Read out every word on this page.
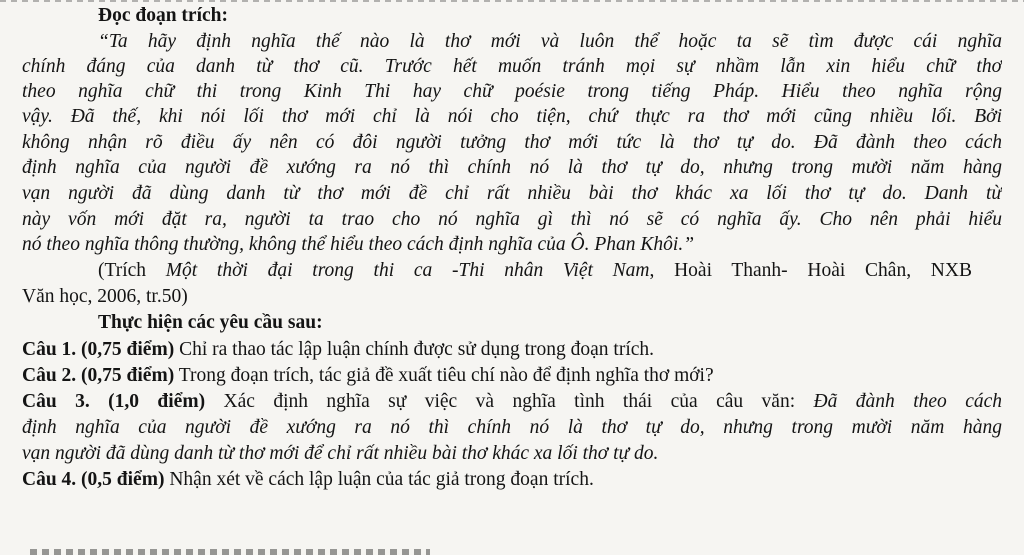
Đọc đoạn trích:
“Ta hãy định nghĩa thế nào là thơ mới và luôn thể hoặc ta sẽ tìm được cái nghĩa
chính đáng của danh từ thơ cũ. Trước hết muốn tránh mọi sự nhầm lẫn xin hiểu chữ thơ
theo nghĩa chữ thi trong Kinh Thi hay chữ poésie trong tiếng Pháp. Hiểu theo nghĩa rộng
vậy. Đã thế, khi nói lối thơ mới chỉ là nói cho tiện, chứ thực ra thơ mới cũng nhiều lối. Bởi
không nhận rõ điều ấy nên có đôi người tưởng thơ mới tức là thơ tự do. Đã đành theo cách
định nghĩa của người đề xướng ra nó thì chính nó là thơ tự do, nhưng trong mười năm hàng
vạn người đã dùng danh từ thơ mới đề chỉ rất nhiều bài thơ khác xa lối thơ tự do. Danh từ
này vốn mới đặt ra, người ta trao cho nó nghĩa gì thì nó sẽ có nghĩa ấy. Cho nên phải hiểu
nó theo nghĩa thông thường, không thể hiểu theo cách định nghĩa của Ô. Phan Khôi.”
(Trích Một thời đại trong thi ca -Thi nhân Việt Nam, Hoài Thanh- Hoài Chân, NXB
Văn học, 2006, tr.50)
Thực hiện các yêu cầu sau:
Câu 1. (0,75 điểm) Chỉ ra thao tác lập luận chính được sử dụng trong đoạn trích.
Câu 2. (0,75 điểm) Trong đoạn trích, tác giả đề xuất tiêu chí nào để định nghĩa thơ mới?
Câu 3. (1,0 điểm) Xác định nghĩa sự việc và nghĩa tình thái của câu văn: Đã đành theo cách
định nghĩa của người đề xướng ra nó thì chính nó là thơ tự do, nhưng trong mười năm hàng
vạn người đã dùng danh từ thơ mới để chỉ rất nhiều bài thơ khác xa lối thơ tự do.
Câu 4. (0,5 điểm) Nhận xét về cách lập luận của tác giả trong đoạn trích.
